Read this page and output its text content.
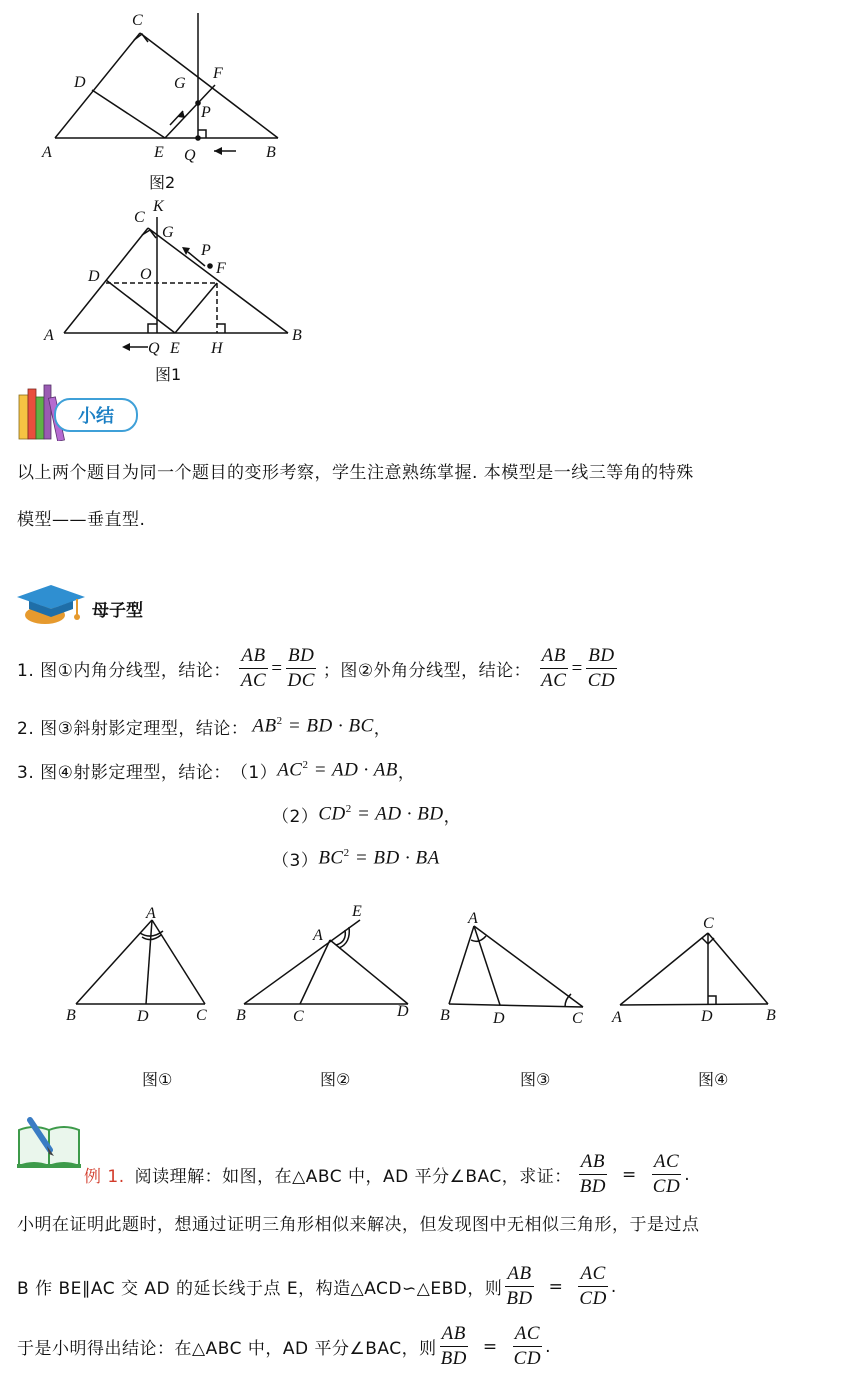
C
D	G
F
P
A	E Q	B
图2
C
K
G
P
D	O	F
A
Q E H
B
图1
小结
以上两个题目为同一个题目的变形考察，学生注意熟练掌握. 本模型是一线三等角的特殊
模型——垂直型.
母子型
1. 图①内角分线型，结论： $\frac{AB}{AC} = \frac{BD}{DC}$ ；图②外角分线型，结论： $\frac{AB}{AC} = \frac{BD}{CD}$
2. 图③斜射影定理型，结论： $AB^2$ = BD · BC ，
3. 图④射影定理型，结论： （1） $AC^2$ = AD · AB ，
（2） $CD^2$ = AD · BD ，
（3） $BC^2$ = BD · BA
A
B	D	C
E
A
B	C	D
A
B	D	C
C
A	D	B
图①	图②	图③	图④
例 1. 阅读理解：如图，在△ABC 中，AD 平分∠BAC，求证： $\frac{AB}{BD} = \frac{AC}{CD}$ .
小明在证明此题时，想通过证明三角形相似来解决，但发现图中无相似三角形，于是过点
B 作 BE∥AC 交 AD 的延长线于点 E，构造△ACD∽△EBD，则 $\frac{AB}{BD} = \frac{AC}{CD}$ .
于是小明得出结论：在△ABC 中，AD 平分∠BAC，则 $\frac{AB}{BD} = \frac{AC}{CD}$ .
